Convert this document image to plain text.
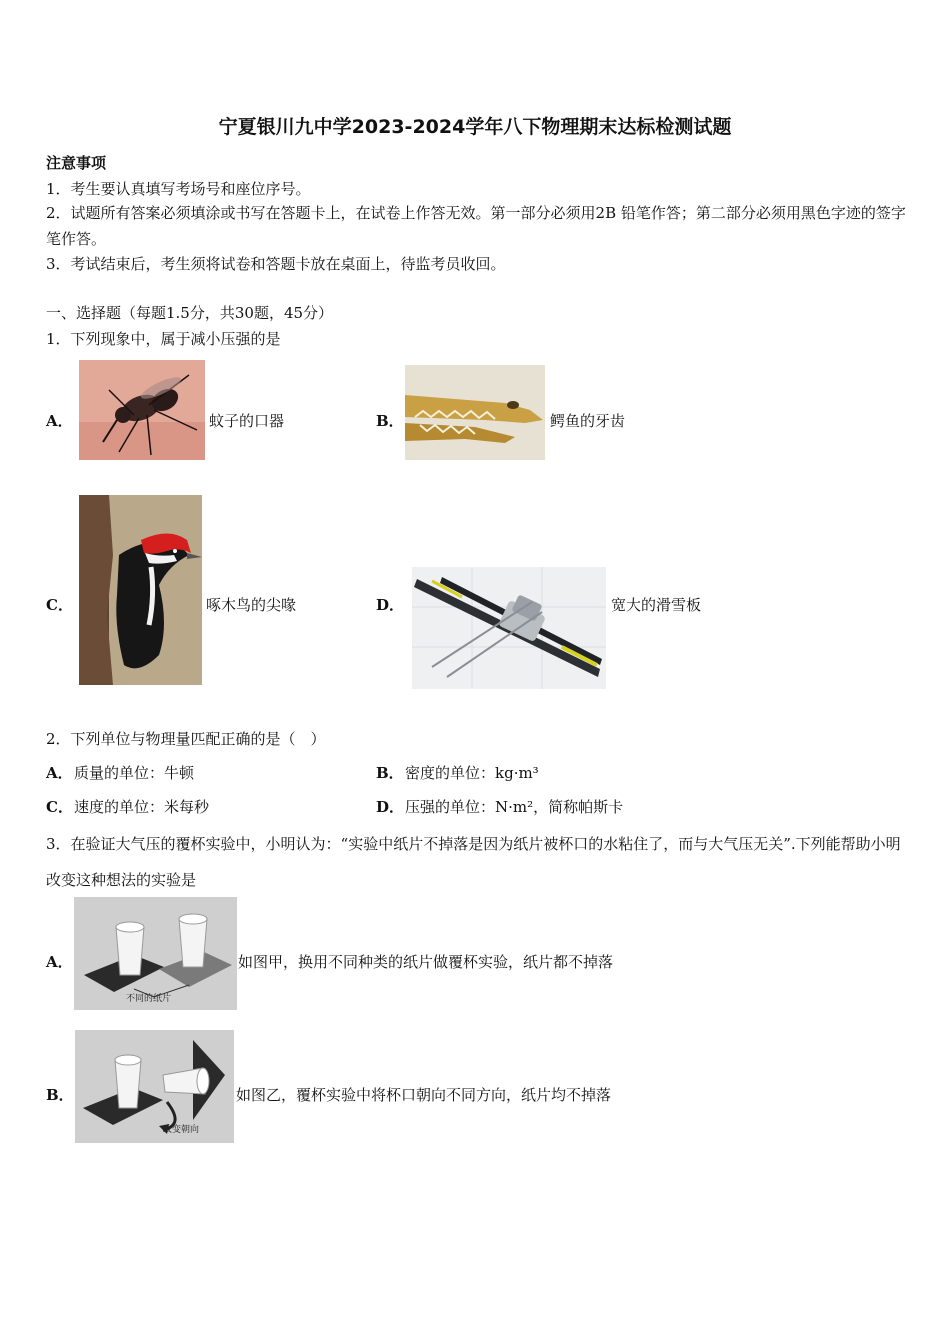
宁夏银川九中学2023-2024学年八下物理期末达标检测试题
注意事项
1．考生要认真填写考场号和座位序号。
2．试题所有答案必须填涂或书写在答题卡上，在试卷上作答无效。第一部分必须用2B 铅笔作答；第二部分必须用黑色字迹的签字笔作答。
3．考试结束后，考生须将试卷和答题卡放在桌面上，待监考员收回。
一、选择题（每题1.5分，共30题，45分）
1．下列现象中，属于减小压强的是
A．	蚊子的口器	B．	鳄鱼的牙齿
C．	啄木鸟的尖喙	D．	宽大的滑雪板
2．下列单位与物理量匹配正确的是（　）
A． 质量的单位：牛顿	B． 密度的单位：kg·m³
C． 速度的单位：米每秒	D． 压强的单位：N·m²，简称帕斯卡
3．在验证大气压的覆杯实验中，小明认为：“实验中纸片不掉落是因为纸片被杯口的水粘住了，而与大气压无关”.下列能帮助小明改变这种想法的实验是
A．
不同的纸片
如图甲，换用不同种类的纸片做覆杯实验，纸片都不掉落
B．
改变朝向
如图乙，覆杯实验中将杯口朝向不同方向，纸片均不掉落
